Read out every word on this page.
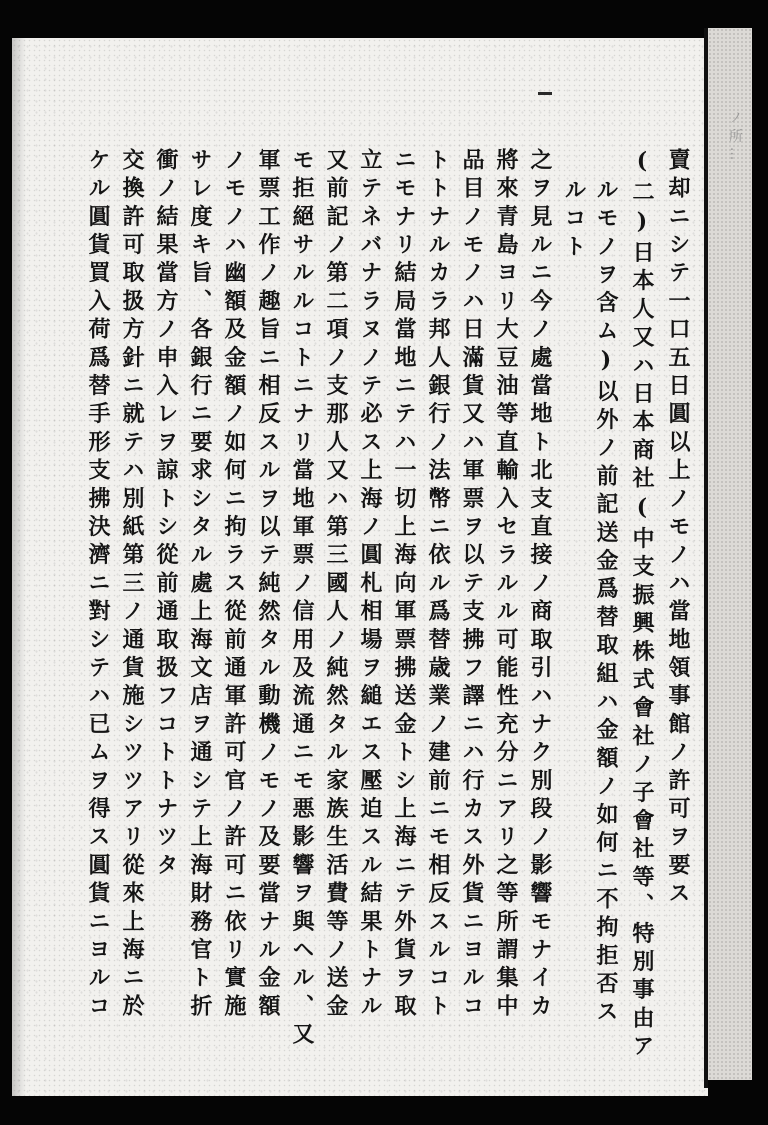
ノ 所 ...
賣却ニシテ一口五日圓以上ノモノハ當地領事館ノ許可ヲ要ス
(二)日本人又ハ日本商社(中支振興株式會社ノ子會社等、特別事由ア
ルモノヲ含ム)以外ノ前記送金爲替取組ハ金額ノ如何ニ不拘拒否ス
ルコト
之ヲ見ルニ今ノ處當地ト北支直接ノ商取引ハナク別段ノ影響モナイカ
將來青島ヨリ大豆油等直輸入セラルル可能性充分ニアリ之等所謂集中
品目ノモノハ日滿貨又ハ軍票ヲ以テ支拂フ譯ニハ行カス外貨ニヨルコ
トトナルカラ邦人銀行ノ法幣ニ依ル爲替歳業ノ建前ニモ相反スルコト
ニモナリ結局當地ニテハ一切上海向軍票拂送金トシ上海ニテ外貨ヲ取
立テネバナラヌノテ必ス上海ノ圓札相場ヲ縋エス壓迫スル結果トナル
又前記ノ第二項ノ支那人又ハ第三國人ノ純然タル家族生活費等ノ送金
モ拒絕サルルコトニナリ當地軍票ノ信用及流通ニモ悪影響ヲ與ヘル、又
軍票工作ノ趣旨ニ相反スルヲ以テ純然タル動機ノモノ及要當ナル金額
ノモノハ幽額及金額ノ如何ニ拘ラス從前通軍許可官ノ許可ニ依リ實施
サレ度キ旨、各銀行ニ要求シタル處上海文店ヲ通シテ上海財務官ト折
衝ノ結果當方ノ申入レヲ諒トシ從前通取扱フコトトナツタ
交換許可取扱方針ニ就テハ別紙第三ノ通貨施シツツアリ從來上海ニ於
ケル圓貨買入荷爲替手形支拂決濟ニ對シテハ已ムヲ得ス圓貨ニヨルコ
